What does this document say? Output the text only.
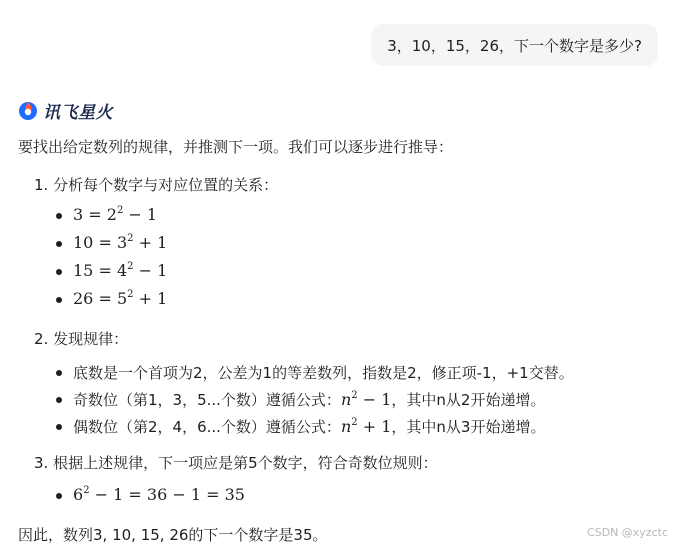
3，10，15，26，下一个数字是多少?
讯飞星火
要找出给定数列的规律，并推测下一项。我们可以逐步进行推导：
1. 分析每个数字与对应位置的关系：
$3 = 2^2 - 1$
$10 = 3^2 + 1$
$15 = 4^2 - 1$
$26 = 5^2 + 1$
2. 发现规律：
底数是一个首项为2，公差为1的等差数列，指数是2，修正项-1，+1交替。
奇数位（第1，3，5...个数）遵循公式：$n^2 - 1$，其中n从2开始递增。
偶数位（第2，4，6...个数）遵循公式：$n^2 + 1$，其中n从3开始递增。
3. 根据上述规律，下一项应是第5个数字，符合奇数位规则：
$6^2 - 1 = 36 - 1 = 35$
因此，数列3, 10, 15, 26的下一个数字是35。	CSDN @xyzctc
